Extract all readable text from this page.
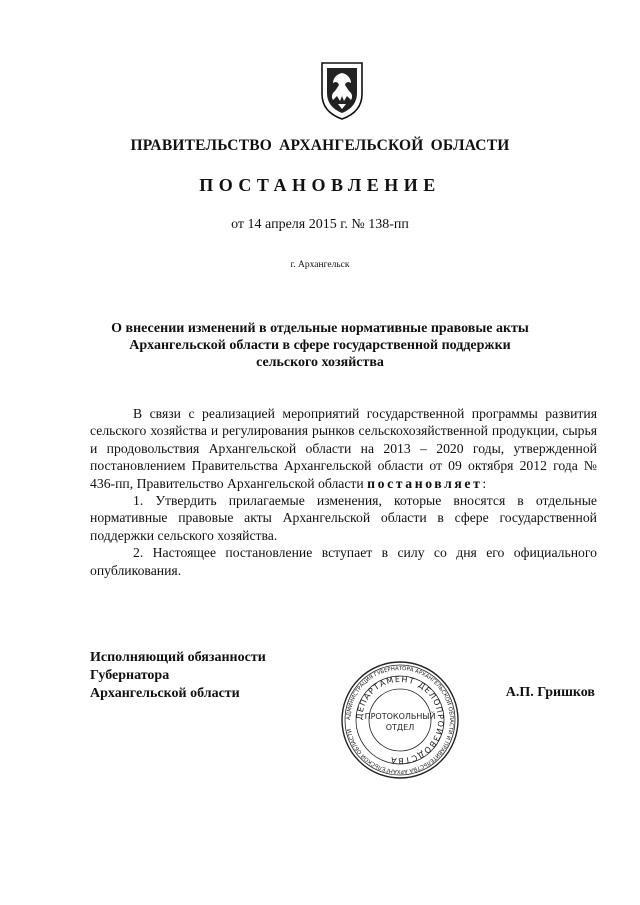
ПРАВИТЕЛЬСТВО АРХАНГЕЛЬСКОЙ ОБЛАСТИ
ПОСТАНОВЛЕНИЕ
от 14 апреля 2015 г. № 138-пп
г. Архангельск
О внесении изменений в отдельные нормативные правовые акты
Архангельской области в сфере государственной поддержки
сельского хозяйства

В связи с реализацией мероприятий государственной программы развития сельского хозяйства и регулирования рынков сельскохозяйственной продукции, сырья и продовольствия Архангельской области на 2013 – 2020 годы, утвержденной постановлением Правительства Архангельской области от 09 октября 2012 года № 436-пп, Правительство Архангельской области постановляет:

1. Утвердить прилагаемые изменения, которые вносятся в отдельные нормативные правовые акты Архангельской области в сфере государственной поддержки сельского хозяйства.

2. Настоящее постановление вступает в силу со дня его официального опубликования.

Исполняющий обязанности
Губернатора
Архангельской области	А.П. Гришков
АДМИНИСТРАЦИЯ ГУБЕРНАТОРА АРХАНГЕЛЬСКОЙ ОБЛАСТИ И ПРАВИТЕЛЬСТВА АРХАНГЕЛЬСКОЙ ОБЛАСТИ
ДЕПАРТАМЕНТ ДЕЛОПРОИЗВОДСТВА
ПРОТОКОЛЬНЫЙ
ОТДЕЛ
